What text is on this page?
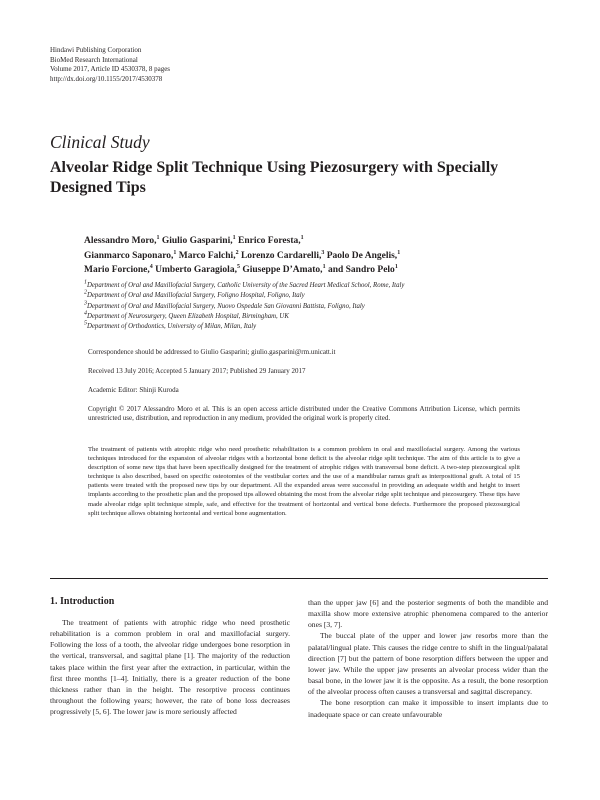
Hindawi Publishing Corporation
BioMed Research International
Volume 2017, Article ID 4530378, 8 pages
http://dx.doi.org/10.1155/2017/4530378
Clinical Study
Alveolar Ridge Split Technique Using Piezosurgery with Specially Designed Tips
Alessandro Moro,$^1$ Giulio Gasparini,$^1$ Enrico Foresta,$^1$
Gianmarco Saponaro,$^1$ Marco Falchi,$^2$ Lorenzo Cardarelli,$^3$ Paolo De Angelis,$^1$
Mario Forcione,$^4$ Umberto Garagiola,$^5$ Giuseppe D’Amato,$^1$ and Sandro Pelo$^1$
$^1$Department of Oral and Maxillofacial Surgery, Catholic University of the Sacred Heart Medical School, Rome, Italy
$^2$Department of Oral and Maxillofacial Surgery, Foligno Hospital, Foligno, Italy
$^3$Department of Oral and Maxillofacial Surgery, Nuovo Ospedale San Giovanni Battista, Foligno, Italy
$^4$Department of Neurosurgery, Queen Elizabeth Hospital, Birmingham, UK
$^5$Department of Orthodontics, University of Milan, Milan, Italy
Correspondence should be addressed to Giulio Gasparini; giulio.gasparini@rm.unicatt.it
Received 13 July 2016; Accepted 5 January 2017; Published 29 January 2017
Academic Editor: Shinji Kuroda
Copyright © 2017 Alessandro Moro et al. This is an open access article distributed under the Creative Commons Attribution License, which permits unrestricted use, distribution, and reproduction in any medium, provided the original work is properly cited.
The treatment of patients with atrophic ridge who need prosthetic rehabilitation is a common problem in oral and maxillofacial surgery. Among the various techniques introduced for the expansion of alveolar ridges with a horizontal bone deficit is the alveolar ridge split technique. The aim of this article is to give a description of some new tips that have been specifically designed for the treatment of atrophic ridges with transversal bone deficit. A two-step piezosurgical split technique is also described, based on specific osteotomies of the vestibular cortex and the use of a mandibular ramus graft as interpositional graft. A total of 15 patients were treated with the proposed new tips by our department. All the expanded areas were successful in providing an adequate width and height to insert implants according to the prosthetic plan and the proposed tips allowed obtaining the most from the alveolar ridge split technique and piezosurgery. These tips have made alveolar ridge split technique simple, safe, and effective for the treatment of horizontal and vertical bone defects. Furthermore the proposed piezosurgical split technique allows obtaining horizontal and vertical bone augmentation.
1. Introduction

The treatment of patients with atrophic ridge who need prosthetic rehabilitation is a common problem in oral and maxillofacial surgery. Following the loss of a tooth, the alveolar ridge undergoes bone resorption in the vertical, transversal, and sagittal plane [1]. The majority of the reduction takes place within the first year after the extraction, in particular, within the first three months [1–4]. Initially, there is a greater reduction of the bone thickness rather than in the height. The resorptive process continues throughout the following years; however, the rate of bone loss decreases progressively [5, 6]. The lower jaw is more seriously affected

than the upper jaw [6] and the posterior segments of both the mandible and maxilla show more extensive atrophic phenomena compared to the anterior ones [3, 7].

The buccal plate of the upper and lower jaw resorbs more than the palatal/lingual plate. This causes the ridge centre to shift in the lingual/palatal direction [7] but the pattern of bone resorption differs between the upper and lower jaw. While the upper jaw presents an alveolar process wider than the basal bone, in the lower jaw it is the opposite. As a result, the bone resorption of the alveolar process often causes a transversal and sagittal discrepancy.

The bone resorption can make it impossible to insert implants due to inadequate space or can create unfavourable
